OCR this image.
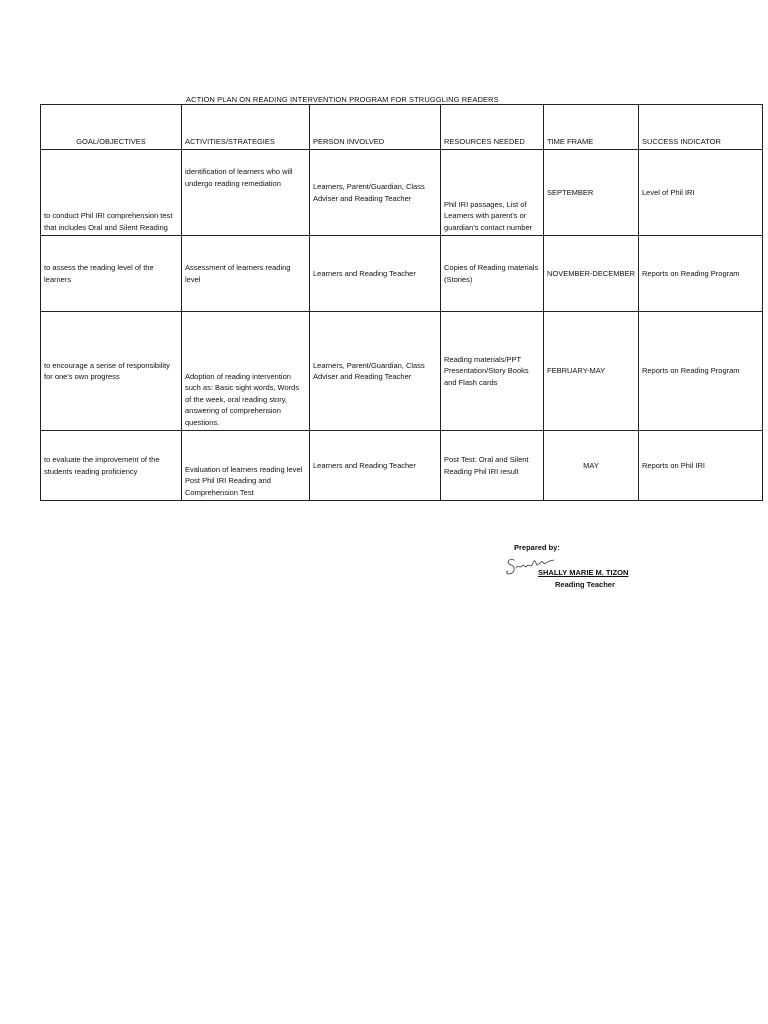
ACTION PLAN ON READING INTERVENTION PROGRAM FOR STRUGGLING READERS
GOAL/OBJECTIVES	ACTIVITIES/STRATEGIES	PERSON INVOLVED	RESOURCES NEEDED	TIME FRAME	SUCCESS INDICATOR
to conduct Phil IRI comprehension test that includes Oral and Silent Reading	identification of learners who will undergo reading remediation	Learners, Parent/Guardian, Class Adviser and Reading Teacher	Phil IRI passages, List of Learners with parent's or guardian's contact number	SEPTEMBER	Level of Phil IRI
to assess the reading level of the learners	Assessment of learners reading level	Learners and Reading Teacher	Copies of Reading materials (Stories)	NOVEMBER-DECEMBER	Reports on Reading Program
to encourage a sense of responsibility for one's own progress	Adoption of reading intervention such as: Basic sight words, Words of the week, oral reading story, answering of comprehension questions.	Learners, Parent/Guardian, Class Adviser and Reading Teacher	Reading materials/PPT Presentation/Story Books and Flash cards	FEBRUARY-MAY	Reports on Reading Program
to evaluate the improvement of the students reading proficiency	Evaluation of learners reading level Post Phil IRI Reading and Comprehension Test	Learners and Reading Teacher	Post Test: Oral and Silent Reading Phil IRI result	MAY	Reports on Phil IRI
Prepared by:
SHALLY MARIE M. TIZON
Reading Teacher
